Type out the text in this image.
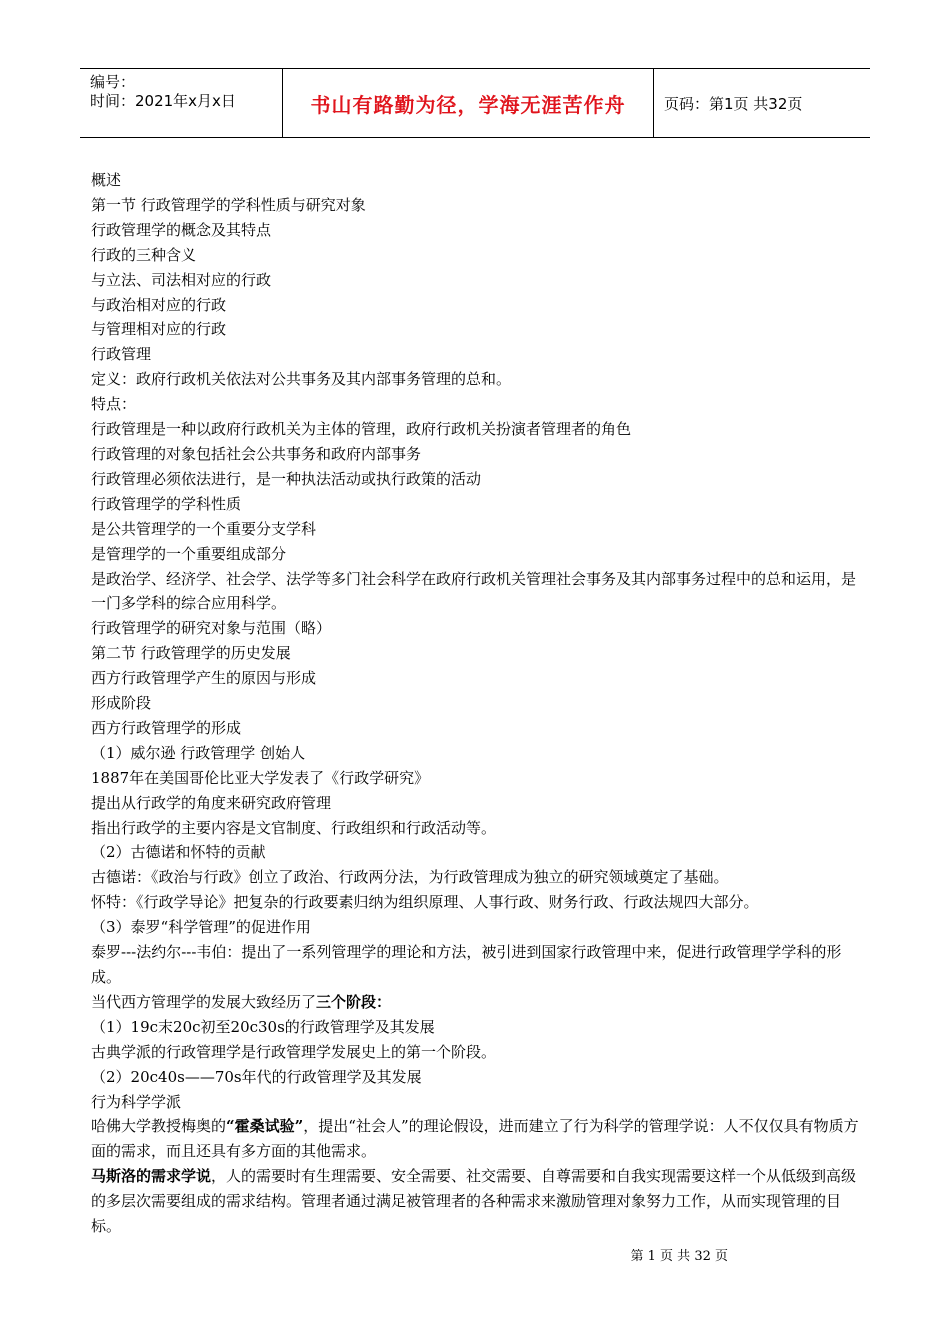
编号：
时间：2021年x月x日	书山有路勤为径，学海无涯苦作舟	页码：第1页 共32页

概述

第一节 行政管理学的学科性质与研究对象

行政管理学的概念及其特点

行政的三种含义

与立法、司法相对应的行政

与政治相对应的行政

与管理相对应的行政

行政管理

定义：政府行政机关依法对公共事务及其内部事务管理的总和。

特点：

行政管理是一种以政府行政机关为主体的管理，政府行政机关扮演者管理者的角色

行政管理的对象包括社会公共事务和政府内部事务

行政管理必须依法进行，是一种执法活动或执行政策的活动

行政管理学的学科性质

是公共管理学的一个重要分支学科

是管理学的一个重要组成部分

是政治学、经济学、社会学、法学等多门社会科学在政府行政机关管理社会事务及其内部事务过程中的总和运用，是一门多学科的综合应用科学。

行政管理学的研究对象与范围（略）

第二节 行政管理学的历史发展

西方行政管理学产生的原因与形成

形成阶段

西方行政管理学的形成

（1）威尔逊 行政管理学 创始人

1887年在美国哥伦比亚大学发表了《行政学研究》

提出从行政学的角度来研究政府管理

指出行政学的主要内容是文官制度、行政组织和行政活动等。

（2）古德诺和怀特的贡献

古德诺：《政治与行政》创立了政治、行政两分法，为行政管理成为独立的研究领域奠定了基础。

怀特：《行政学导论》把复杂的行政要素归纳为组织原理、人事行政、财务行政、行政法规四大部分。

（3）泰罗“科学管理”的促进作用

泰罗---法约尔---韦伯：提出了一系列管理学的理论和方法，被引进到国家行政管理中来，促进行政管理学学科的形成。

当代西方管理学的发展大致经历了三个阶段：

（1）19c末20c初至20c30s的行政管理学及其发展

古典学派的行政管理学是行政管理学发展史上的第一个阶段。

（2）20c40s——70s年代的行政管理学及其发展

行为科学学派

哈佛大学教授梅奥的“霍桑试验”，提出“社会人”的理论假设，进而建立了行为科学的管理学说：人不仅仅具有物质方面的需求，而且还具有多方面的其他需求。

马斯洛的需求学说，人的需要时有生理需要、安全需要、社交需要、自尊需要和自我实现需要这样一个从低级到高级的多层次需要组成的需求结构。管理者通过满足被管理者的各种需求来激励管理对象努力工作，从而实现管理的目标。

第 1 页 共 32 页
